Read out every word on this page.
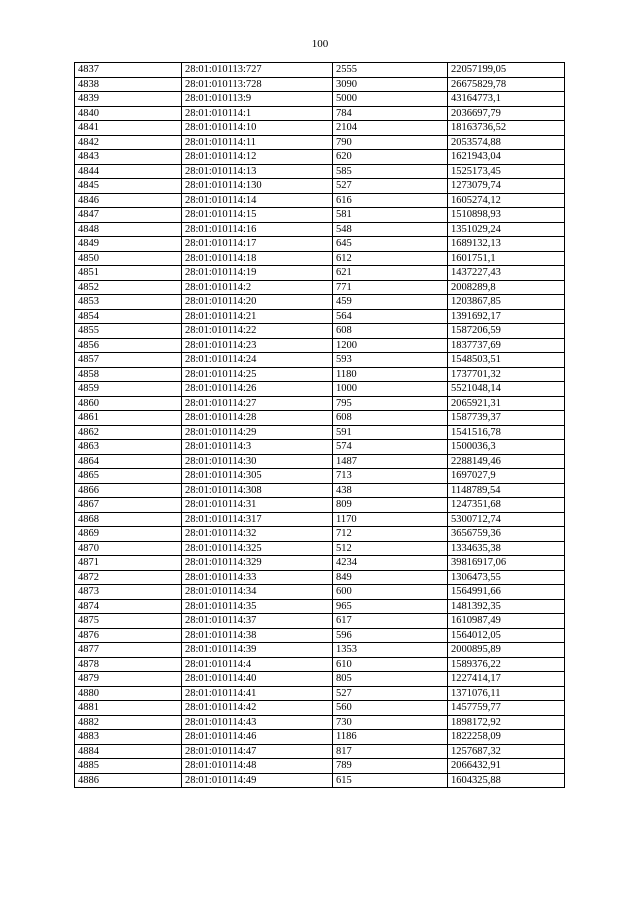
100
4837	28:01:010113:727	2555	22057199,05
4838	28:01:010113:728	3090	26675829,78
4839	28:01:010113:9	5000	43164773,1
4840	28:01:010114:1	784	2036697,79
4841	28:01:010114:10	2104	18163736,52
4842	28:01:010114:11	790	2053574,88
4843	28:01:010114:12	620	1621943,04
4844	28:01:010114:13	585	1525173,45
4845	28:01:010114:130	527	1273079,74
4846	28:01:010114:14	616	1605274,12
4847	28:01:010114:15	581	1510898,93
4848	28:01:010114:16	548	1351029,24
4849	28:01:010114:17	645	1689132,13
4850	28:01:010114:18	612	1601751,1
4851	28:01:010114:19	621	1437227,43
4852	28:01:010114:2	771	2008289,8
4853	28:01:010114:20	459	1203867,85
4854	28:01:010114:21	564	1391692,17
4855	28:01:010114:22	608	1587206,59
4856	28:01:010114:23	1200	1837737,69
4857	28:01:010114:24	593	1548503,51
4858	28:01:010114:25	1180	1737701,32
4859	28:01:010114:26	1000	5521048,14
4860	28:01:010114:27	795	2065921,31
4861	28:01:010114:28	608	1587739,37
4862	28:01:010114:29	591	1541516,78
4863	28:01:010114:3	574	1500036,3
4864	28:01:010114:30	1487	2288149,46
4865	28:01:010114:305	713	1697027,9
4866	28:01:010114:308	438	1148789,54
4867	28:01:010114:31	809	1247351,68
4868	28:01:010114:317	1170	5300712,74
4869	28:01:010114:32	712	3656759,36
4870	28:01:010114:325	512	1334635,38
4871	28:01:010114:329	4234	39816917,06
4872	28:01:010114:33	849	1306473,55
4873	28:01:010114:34	600	1564991,66
4874	28:01:010114:35	965	1481392,35
4875	28:01:010114:37	617	1610987,49
4876	28:01:010114:38	596	1564012,05
4877	28:01:010114:39	1353	2000895,89
4878	28:01:010114:4	610	1589376,22
4879	28:01:010114:40	805	1227414,17
4880	28:01:010114:41	527	1371076,11
4881	28:01:010114:42	560	1457759,77
4882	28:01:010114:43	730	1898172,92
4883	28:01:010114:46	1186	1822258,09
4884	28:01:010114:47	817	1257687,32
4885	28:01:010114:48	789	2066432,91
4886	28:01:010114:49	615	1604325,88
